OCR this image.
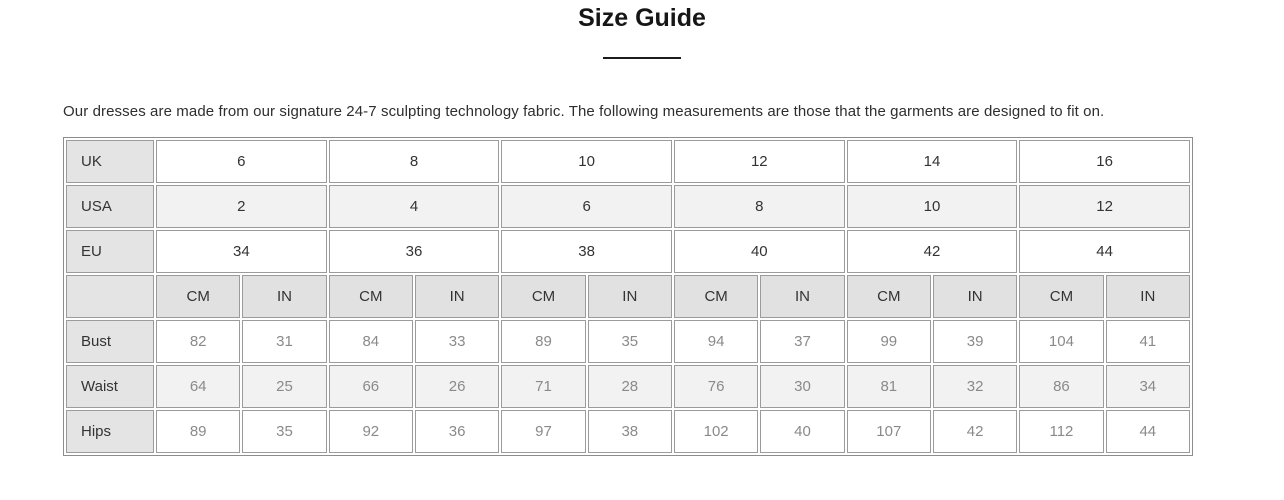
Size Guide

Our dresses are made from our signature 24-7 sculpting technology fabric. The following measurements are those that the garments are designed to fit on.

UK	6		8		10		12		14		16	
USA	2		4		6		8		10		12	
EU	34		36		38		40		42		44	
	CM	IN	CM	IN	CM	IN	CM	IN	CM	IN	CM	IN
Bust	82	31	84	33	89	35	94	37	99	39	104	41
Waist	64	25	66	26	71	28	76	30	81	32	86	34
Hips	89	35	92	36	97	38	102	40	107	42	112	44
